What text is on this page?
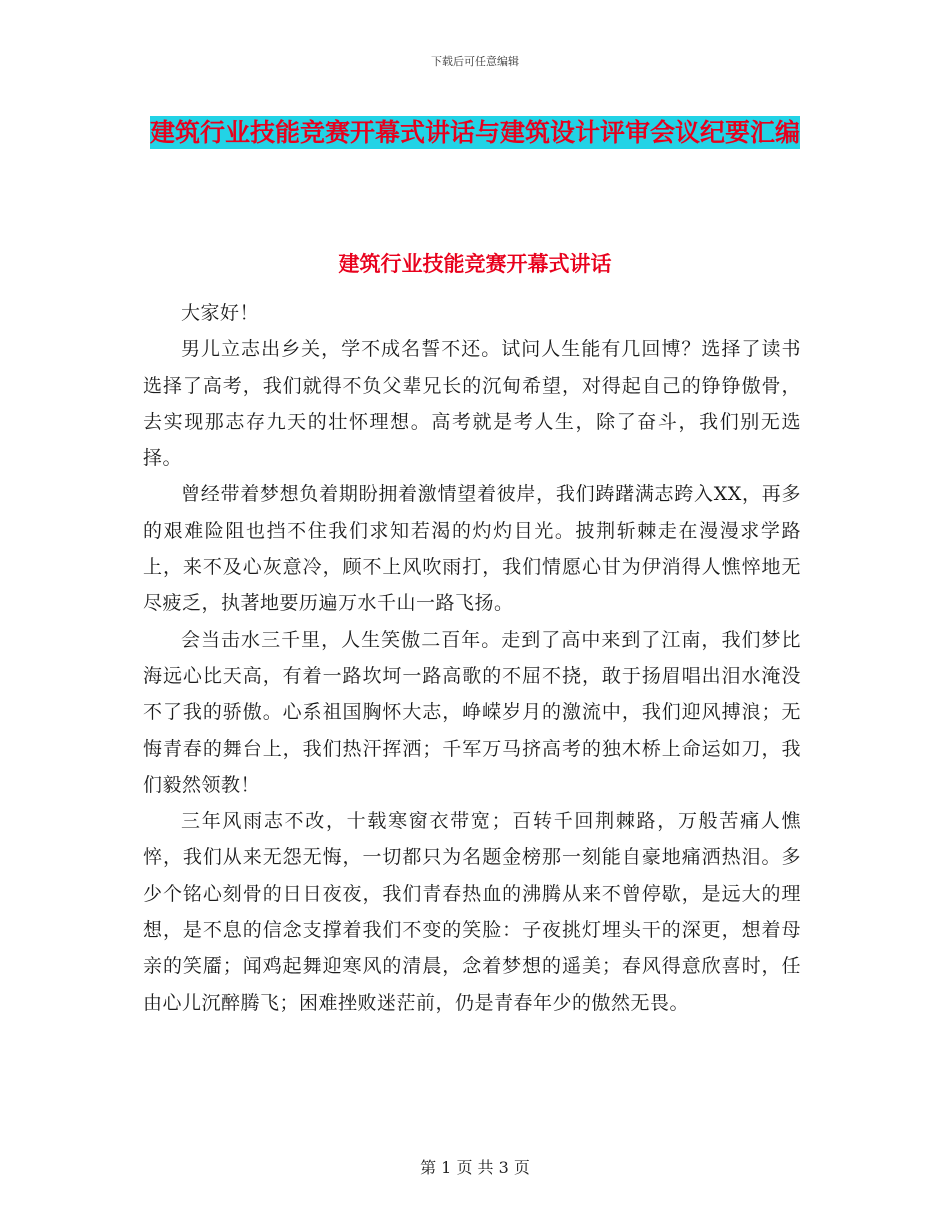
下载后可任意编辑
建筑行业技能竞赛开幕式讲话与建筑设计评审会议纪要汇编
建筑行业技能竞赛开幕式讲话

大家好！

男儿立志出乡关，学不成名誓不还。试问人生能有几回博？选择了读书选择了高考，我们就得不负父辈兄长的沉甸希望，对得起自己的铮铮傲骨，去实现那志存九天的壮怀理想。高考就是考人生，除了奋斗，我们别无选择。

曾经带着梦想负着期盼拥着激情望着彼岸，我们踌躇满志跨入XX，再多的艰难险阻也挡不住我们求知若渴的灼灼目光。披荆斩棘走在漫漫求学路上，来不及心灰意冷，顾不上风吹雨打，我们情愿心甘为伊消得人憔悴地无尽疲乏，执著地要历遍万水千山一路飞扬。

会当击水三千里，人生笑傲二百年。走到了高中来到了江南，我们梦比海远心比天高，有着一路坎坷一路高歌的不屈不挠，敢于扬眉唱出泪水淹没不了我的骄傲。心系祖国胸怀大志，峥嵘岁月的激流中，我们迎风搏浪；无悔青春的舞台上，我们热汗挥洒；千军万马挤高考的独木桥上命运如刀，我们毅然领教！

三年风雨志不改，十载寒窗衣带宽；百转千回荆棘路，万般苦痛人憔悴，我们从来无怨无悔，一切都只为名题金榜那一刻能自豪地痛洒热泪。多少个铭心刻骨的日日夜夜，我们青春热血的沸腾从来不曾停歇，是远大的理想，是不息的信念支撑着我们不变的笑脸：子夜挑灯埋头干的深更，想着母亲的笑靥；闻鸡起舞迎寒风的清晨，念着梦想的遥美；春风得意欣喜时，任由心儿沉醉腾飞；困难挫败迷茫前，仍是青春年少的傲然无畏。

第 1 页 共 3 页
